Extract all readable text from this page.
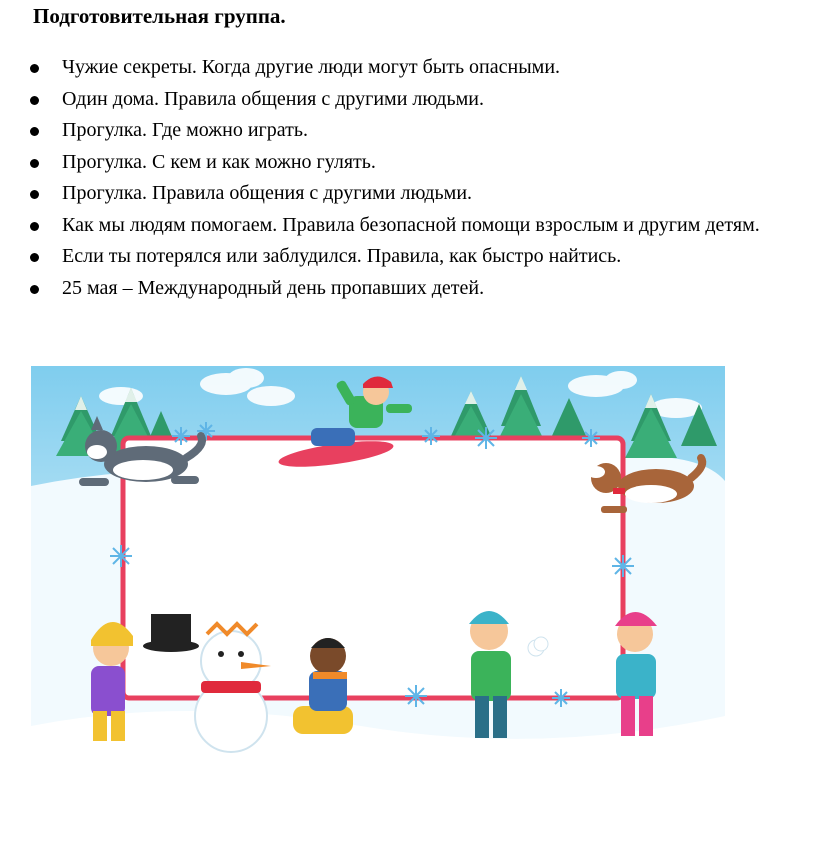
Подготовительная группа.
Чужие секреты. Когда другие люди могут быть опасными.
Один дома. Правила общения с другими людьми.
Прогулка. Где можно играть.
Прогулка. С кем и как можно гулять.
Прогулка. Правила общения с другими людьми.
Как мы людям помогаем. Правила безопасной помощи взрослым и другим детям.
Если ты потерялся или заблудился. Правила, как быстро найтись.
25 мая – Международный день пропавших детей.
